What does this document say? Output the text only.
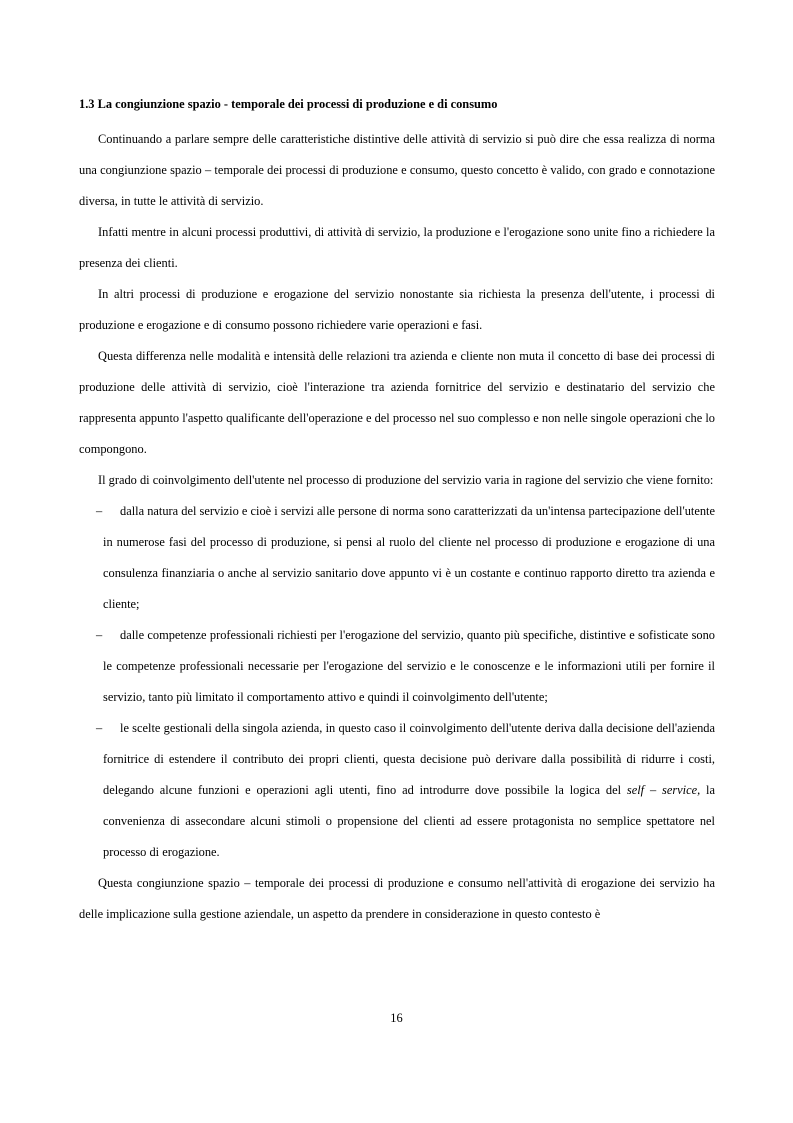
1.3 La congiunzione spazio - temporale dei processi di produzione e di consumo
Continuando a parlare sempre delle caratteristiche distintive delle attività di servizio si può dire che essa realizza di norma una congiunzione spazio – temporale dei processi di produzione e consumo, questo concetto è valido, con grado e connotazione diversa, in tutte le attività di servizio.
Infatti mentre in alcuni processi produttivi, di attività di servizio, la produzione e l'erogazione sono unite fino a richiedere la presenza dei clienti.
In altri processi di produzione e erogazione del servizio nonostante sia richiesta la presenza dell'utente, i processi di produzione e erogazione e di consumo possono richiedere varie operazioni e fasi.
Questa differenza nelle modalità e intensità delle relazioni tra azienda e cliente non muta il concetto di base dei processi di produzione delle attività di servizio, cioè l'interazione tra azienda fornitrice del servizio e destinatario del servizio che rappresenta appunto l'aspetto qualificante dell'operazione e del processo nel suo complesso e non nelle singole operazioni che lo compongono.
Il grado di coinvolgimento dell'utente nel processo di produzione del servizio varia in ragione del servizio che viene fornito:
– dalla natura del servizio e cioè i servizi alle persone di norma sono caratterizzati da un'intensa partecipazione dell'utente in numerose fasi del processo di produzione, si pensi al ruolo del cliente nel processo di produzione e erogazione di una consulenza finanziaria o anche al servizio sanitario dove appunto vi è un costante e continuo rapporto diretto tra azienda e cliente;
– dalle competenze professionali richiesti per l'erogazione del servizio, quanto più specifiche, distintive e sofisticate sono le competenze professionali necessarie per l'erogazione del servizio e le conoscenze e le informazioni utili per fornire il servizio, tanto più limitato il comportamento attivo e quindi il coinvolgimento dell'utente;
– le scelte gestionali della singola azienda, in questo caso il coinvolgimento dell'utente deriva dalla decisione dell'azienda fornitrice di estendere il contributo dei propri clienti, questa decisione può derivare dalla possibilità di ridurre i costi, delegando alcune funzioni e operazioni agli utenti, fino ad introdurre dove possibile la logica del self – service, la convenienza di assecondare alcuni stimoli o propensione del clienti ad essere protagonista no semplice spettatore nel processo di erogazione.
Questa congiunzione spazio – temporale dei processi di produzione e consumo nell'attività di erogazione dei servizio ha delle implicazione sulla gestione aziendale, un aspetto da prendere in considerazione in questo contesto è
16
